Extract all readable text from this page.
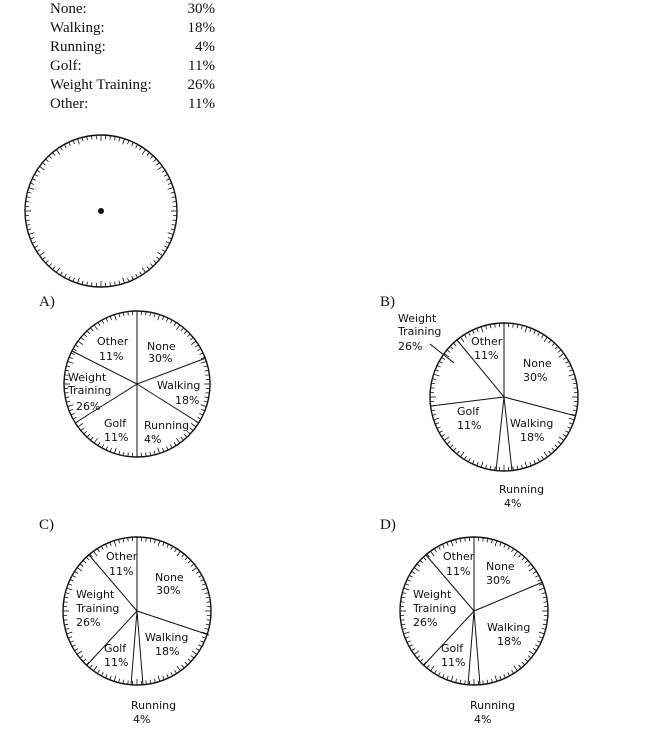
None:	30%
Walking:	18%
Running:	4%
Golf:	11%
Weight Training:	26%
Other:	11%
A)
None
30%
Walking
18%
Running
4%
Golf
11%
Weight
Training
26%
Other
11%
B)
None
30%
Walking
18%
Golf
11%
Other
11%
Weight
Training
26%
Running
4%
C)
None
30%
Walking
18%
Golf
11%
Weight
Training
26%
Other
11%
Running
4%
D)
None
30%
Walking
18%
Golf
11%
Weight
Training
26%
Other
11%
Running
4%
